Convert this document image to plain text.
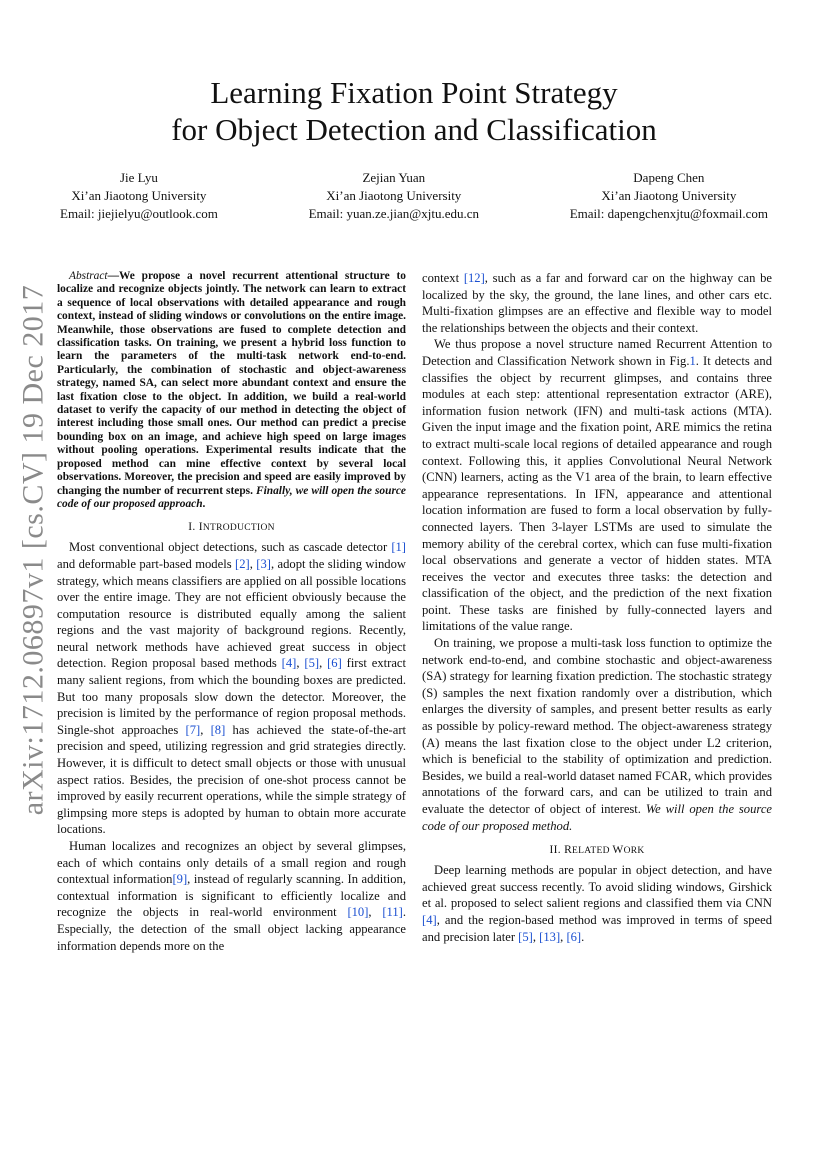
arXiv:1712.06897v1 [cs.CV] 19 Dec 2017
Learning Fixation Point Strategy
for Object Detection and Classification
Jie Lyu
Xi’an Jiaotong University
Email: jiejielyu@outlook.com
Zejian Yuan
Xi’an Jiaotong University
Email: yuan.ze.jian@xjtu.edu.cn
Dapeng Chen
Xi’an Jiaotong University
Email: dapengchenxjtu@foxmail.com

Abstract—We propose a novel recurrent attentional structure to localize and recognize objects jointly. The network can learn to extract a sequence of local observations with detailed appearance and rough context, instead of sliding windows or convolutions on the entire image. Meanwhile, those observations are fused to complete detection and classification tasks. On training, we present a hybrid loss function to learn the parameters of the multi-task network end-to-end. Particularly, the combination of stochastic and object-awareness strategy, named SA, can select more abundant context and ensure the last fixation close to the object. In addition, we build a real-world dataset to verify the capacity of our method in detecting the object of interest including those small ones. Our method can predict a precise bounding box on an image, and achieve high speed on large images without pooling operations. Experimental results indicate that the proposed method can mine effective context by several local observations. Moreover, the precision and speed are easily improved by changing the number of recurrent steps. Finally, we will open the source code of our proposed approach.

I. INTRODUCTION

Most conventional object detections, such as cascade detector [1] and deformable part-based models [2], [3], adopt the sliding window strategy, which means classifiers are applied on all possible locations over the entire image. They are not efficient obviously because the computation resource is distributed equally among the salient regions and the vast majority of background regions. Recently, neural network methods have achieved great success in object detection. Region proposal based methods [4], [5], [6] first extract many salient regions, from which the bounding boxes are predicted. But too many proposals slow down the detector. Moreover, the precision is limited by the performance of region proposal methods. Single-shot approaches [7], [8] has achieved the state-of-the-art precision and speed, utilizing regression and grid strategies directly. However, it is difficult to detect small objects or those with unusual aspect ratios. Besides, the precision of one-shot process cannot be improved by easily recurrent operations, while the simple strategy of glimpsing more steps is adopted by human to obtain more accurate locations.

Human localizes and recognizes an object by several glimpses, each of which contains only details of a small region and rough contextual information[9], instead of regularly scanning. In addition, contextual information is significant to efficiently localize and recognize the objects in real-world environment [10], [11]. Especially, the detection of the small object lacking appearance information depends more on the

context [12], such as a far and forward car on the highway can be localized by the sky, the ground, the lane lines, and other cars etc. Multi-fixation glimpses are an effective and flexible way to model the relationships between the objects and their context.

We thus propose a novel structure named Recurrent Attention to Detection and Classification Network shown in Fig.1. It detects and classifies the object by recurrent glimpses, and contains three modules at each step: attentional representation extractor (ARE), information fusion network (IFN) and multi-task actions (MTA). Given the input image and the fixation point, ARE mimics the retina to extract multi-scale local regions of detailed appearance and rough context. Following this, it applies Convolutional Neural Network (CNN) learners, acting as the V1 area of the brain, to learn effective appearance representations. In IFN, appearance and attentional location information are fused to form a local observation by fully-connected layers. Then 3-layer LSTMs are used to simulate the memory ability of the cerebral cortex, which can fuse multi-fixation local observations and generate a vector of hidden states. MTA receives the vector and executes three tasks: the detection and classification of the object, and the prediction of the next fixation point. These tasks are finished by fully-connected layers and limitations of the value range.

On training, we propose a multi-task loss function to optimize the network end-to-end, and combine stochastic and object-awareness (SA) strategy for learning fixation prediction. The stochastic strategy (S) samples the next fixation randomly over a distribution, which enlarges the diversity of samples, and present better results as early as possible by policy-reward method. The object-awareness strategy (A) means the last fixation close to the object under L2 criterion, which is beneficial to the stability of optimization and prediction. Besides, we build a real-world dataset named FCAR, which provides annotations of the forward cars, and can be utilized to train and evaluate the detector of object of interest. We will open the source code of our proposed method.

II. RELATED WORK

Deep learning methods are popular in object detection, and have achieved great success recently. To avoid sliding windows, Girshick et al. proposed to select salient regions and classified them via CNN [4], and the region-based method was improved in terms of speed and precision later [5], [13], [6].
